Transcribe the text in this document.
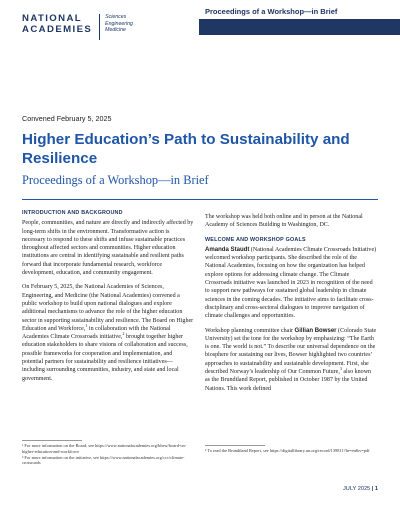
NATIONAL
ACADEMIES
Sciences
Engineering
Medicine
Proceedings of a Workshop—in Brief
Convened February 5, 2025
Higher Education’s Path to Sustainability and Resilience
Proceedings of a Workshop—in Brief
INTRODUCTION AND BACKGROUND

People, communities, and nature are directly and indirectly affected by long-term shifts in the environment. Transformative action is necessary to respond to these shifts and infuse sustainable practices throughout affected sectors and communities. Higher education institutions are central in identifying sustainable and resilient paths forward that incorporate fundamental research, workforce development, education, and community engagement.

On February 5, 2025, the National Academies of Sciences, Engineering, and Medicine (the National Academies) convened a public workshop to build upon national dialogues and explore additional mechanisms to advance the role of the higher education sector in supporting sustainability and resilience. The Board on Higher Education and Workforce,$^1$ in collaboration with the National Academies Climate Crossroads initiative,$^2$ brought together higher education stakeholders to share visions of collaboration and success, possible frameworks for cooperation and implementation, and potential partners for sustainability and resilience initiatives—including surrounding communities, industry, and state and local government.

The workshop was held both online and in person at the National Academy of Sciences Building in Washington, DC.

WELCOME AND WORKSHOP GOALS

Amanda Staudt (National Academies Climate Crossroads Initiative) welcomed workshop participants. She described the role of the National Academies, focusing on how the organization has helped explore options for addressing climate change. The Climate Crossroads initiative was launched in 2023 in recognition of the need to support new pathways for sustained global leadership in climate sciences in the coming decades. The initiative aims to facilitate cross-disciplinary and cross-sectoral dialogues to improve navigation of climate challenges and opportunities.

Workshop planning committee chair Gillian Bowser (Colorado State University) set the tone for the workshop by emphasizing: “The Earth is one. The world is not.” To describe our universal dependence on the biosphere for sustaining our lives, Bowser highlighted two countries’ approaches to sustainability and sustainable development. First, she described Norway’s leadership of Our Common Future,$^3$ also known as the Brundtland Report, published in October 1987 by the United Nations. This work defined

¹ For more information on the Board, see https://www.nationalacademies.org/bhew/board-on-higher-education-and-workforce
² For more information on the initiative, see https://www.nationalacademies.org/ccc/climate-crossroads
³ To read the Brundtland Report, see https://digitallibrary.un.org/record/139811?ln=en&v=pdf
JULY 2025 | 1
